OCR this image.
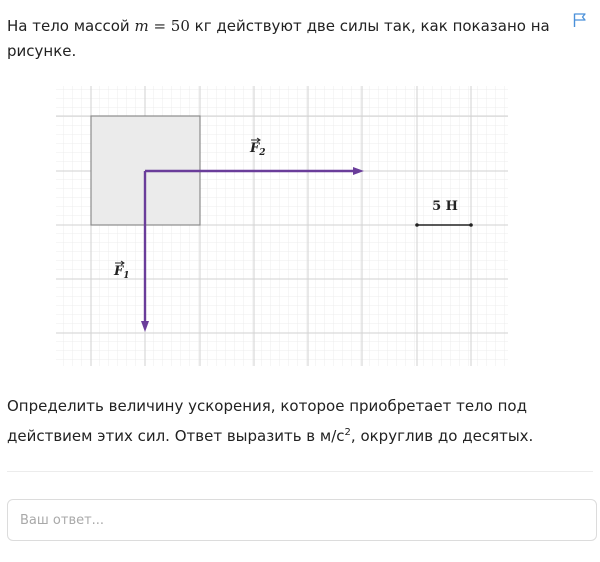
На тело массой m = 50 кг действуют две силы так, как показано на
рисунке.
$F_2$
$F_1$
5 Н
Определить величину ускорения, которое приобретает тело под
действием этих сил. Ответ выразить в $м/с^2$, округлив до десятых.
Ваш ответ...
